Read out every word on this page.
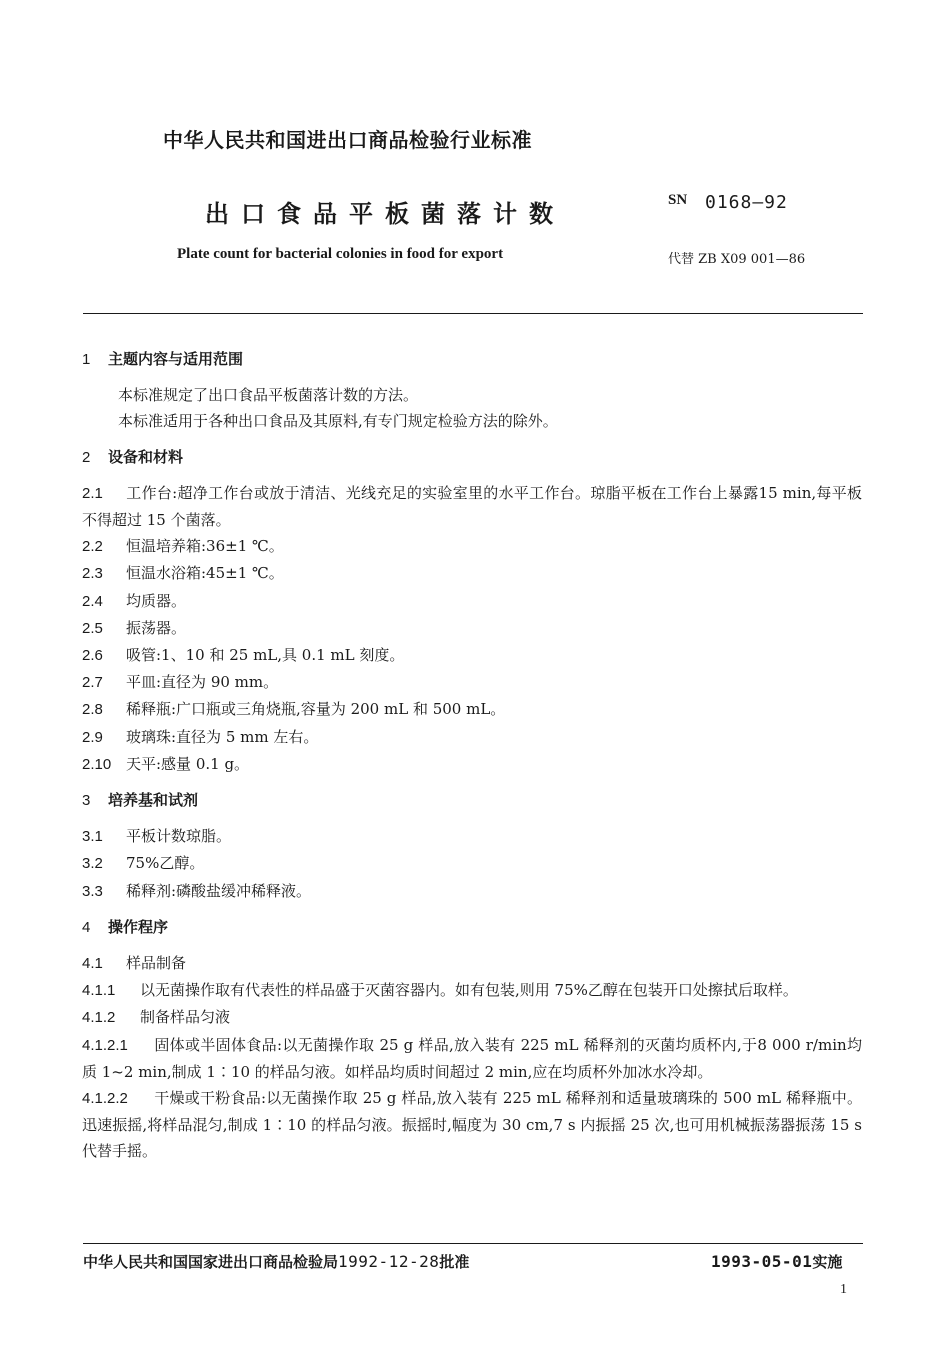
中华人民共和国进出口商品检验行业标准
出口食品平板菌落计数
Plate count for bacterial colonies in food for export
SN 0168—92
代替 ZB X09 001—86
1 主题内容与适用范围
本标准规定了出口食品平板菌落计数的方法。
本标准适用于各种出口食品及其原料,有专门规定检验方法的除外。
2 设备和材料
2.1 工作台:超净工作台或放于清洁、光线充足的实验室里的水平工作台。琼脂平板在工作台上暴露15 min,每平板不得超过 15 个菌落。
2.2 恒温培养箱:36±1 ℃。
2.3 恒温水浴箱:45±1 ℃。
2.4 均质器。
2.5 振荡器。
2.6 吸管:1、10 和 25 mL,具 0.1 mL 刻度。
2.7 平皿:直径为 90 mm。
2.8 稀释瓶:广口瓶或三角烧瓶,容量为 200 mL 和 500 mL。
2.9 玻璃珠:直径为 5 mm 左右。
2.10 天平:感量 0.1 g。
3 培养基和试剂
3.1 平板计数琼脂。
3.2 75%乙醇。
3.3 稀释剂:磷酸盐缓冲稀释液。
4 操作程序
4.1 样品制备
4.1.1 以无菌操作取有代表性的样品盛于灭菌容器内。如有包装,则用 75%乙醇在包装开口处擦拭后取样。
4.1.2 制备样品匀液
4.1.2.1 固体或半固体食品:以无菌操作取 25 g 样品,放入装有 225 mL 稀释剂的灭菌均质杯内,于8 000 r/min均质 1~2 min,制成 1∶10 的样品匀液。如样品均质时间超过 2 min,应在均质杯外加冰水冷却。
4.1.2.2 干燥或干粉食品:以无菌操作取 25 g 样品,放入装有 225 mL 稀释剂和适量玻璃珠的 500 mL 稀释瓶中。迅速振摇,将样品混匀,制成 1∶10 的样品匀液。振摇时,幅度为 30 cm,7 s 内振摇 25 次,也可用机械振荡器振荡 15 s 代替手摇。
中华人民共和国国家进出口商品检验局1992-12-28批准	1993-05-01实施
1
